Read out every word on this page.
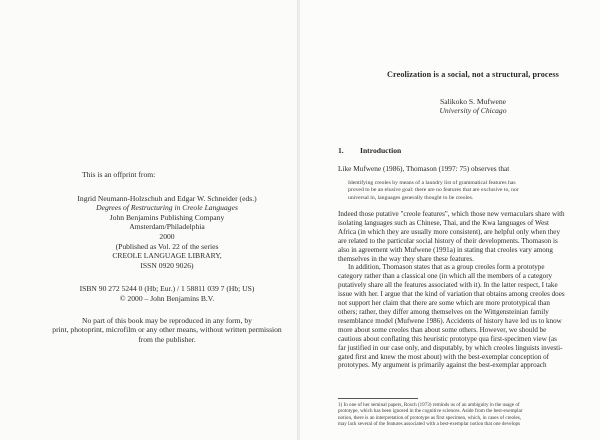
This is an offprint from:
Ingrid Neumann-Holzschuh and Edgar W. Schneider (eds.)
Degrees of Restructuring in Creole Languages
John Benjamins Publishing Company
Amsterdam/Philadelphia
2000
(Published as Vol. 22 of the series
CREOLE LANGUAGE LIBRARY,
ISSN 0920 9026)
ISBN 90 272 5244 0 (Hb; Eur.) / 1 58811 039 7 (Hb; US)
© 2000 – John Benjamins B.V.
No part of this book may be reproduced in any form, by
print, photoprint, microfilm or any other means, without written permission
from the publisher.
Creolization is a social, not a structural, process
Salikoko S. Mufwene
University of Chicago
1. Introduction
Like Mufwene (1986), Thomason (1997: 75) observes that
Identifying creoles by means of a laundry list of grammatical features has
proved to be an elusive goal: there are no features that are exclusive to, nor
universal in, languages generally thought to be creoles.
Indeed those putative "creole features", which those new vernaculars share with
isolating languages such as Chinese, Thai, and the Kwa languages of West
Africa (in which they are usually more consistent), are helpful only when they
are related to the particular social history of their developments. Thomason is
also in agreement with Mufwene (1991a) in stating that creoles vary among
themselves in the way they share these features.
In addition, Thomason states that as a group creoles form a prototype
category rather than a classical one (in which all the members of a category
putatively share all the features associated with it). In the latter respect, I take
issue with her. I argue that the kind of variation that obtains among creoles does
not support her claim that there are some which are more prototypical than
others; rather, they differ among themselves on the Wittgensteinian family
resemblance model (Mufwene 1986). Accidents of history have led us to know
more about some creoles than about some others. However, we should be
cautious about conflating this heuristic prototype qua first-specimen view (as
far justified in our case only, and disputably, by which creoles linguists investi-
gated first and knew the most about) with the best-exemplar conception of
prototypes. My argument is primarily against the best-exemplar approach
1) In one of her seminal papers, Rosch (1973) reminds us of an ambiguity in the usage of
prototype, which has been ignored in the cognitive sciences. Aside from the best-exemplar
notion, there is an interpretation of prototype as first specimen, which, in cases of creoles,
may lack several of the features associated with a best-exemplar notion that one develops
